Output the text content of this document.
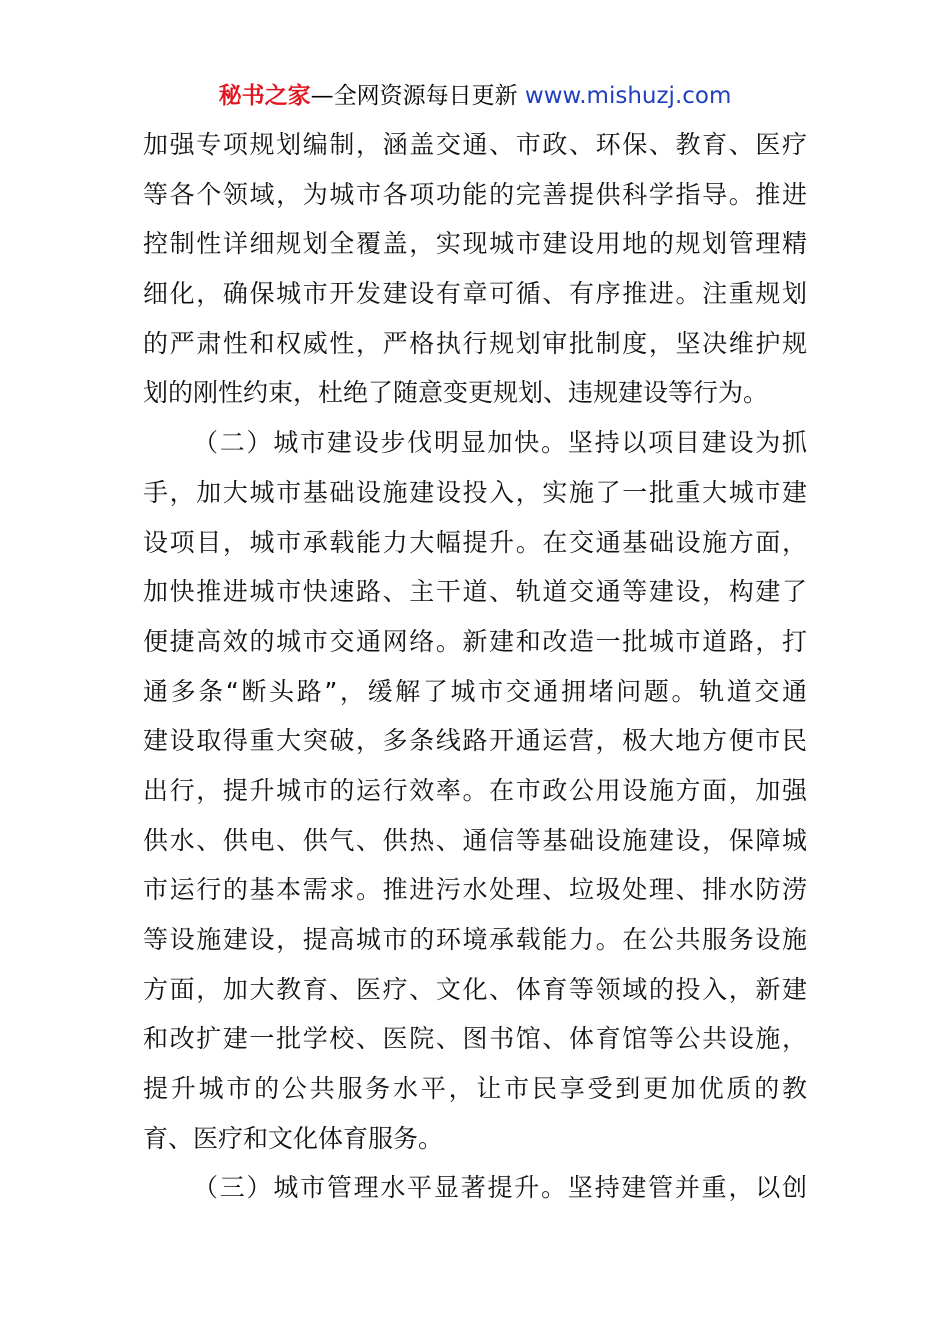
秘书之家—全网资源每日更新 www.mishuzj.com
加强专项规划编制，涵盖交通、市政、环保、教育、医疗
等各个领域，为城市各项功能的完善提供科学指导。推进
控制性详细规划全覆盖，实现城市建设用地的规划管理精
细化，确保城市开发建设有章可循、有序推进。注重规划
的严肃性和权威性，严格执行规划审批制度，坚决维护规
划的刚性约束，杜绝了随意变更规划、违规建设等行为。
（二）城市建设步伐明显加快。坚持以项目建设为抓
手，加大城市基础设施建设投入，实施了一批重大城市建
设项目，城市承载能力大幅提升。在交通基础设施方面，
加快推进城市快速路、主干道、轨道交通等建设，构建了
便捷高效的城市交通网络。新建和改造一批城市道路，打
通多条“断头路”，缓解了城市交通拥堵问题。轨道交通
建设取得重大突破，多条线路开通运营，极大地方便市民
出行，提升城市的运行效率。在市政公用设施方面，加强
供水、供电、供气、供热、通信等基础设施建设，保障城
市运行的基本需求。推进污水处理、垃圾处理、排水防涝
等设施建设，提高城市的环境承载能力。在公共服务设施
方面，加大教育、医疗、文化、体育等领域的投入，新建
和改扩建一批学校、医院、图书馆、体育馆等公共设施，
提升城市的公共服务水平，让市民享受到更加优质的教
育、医疗和文化体育服务。
（三）城市管理水平显著提升。坚持建管并重，以创
